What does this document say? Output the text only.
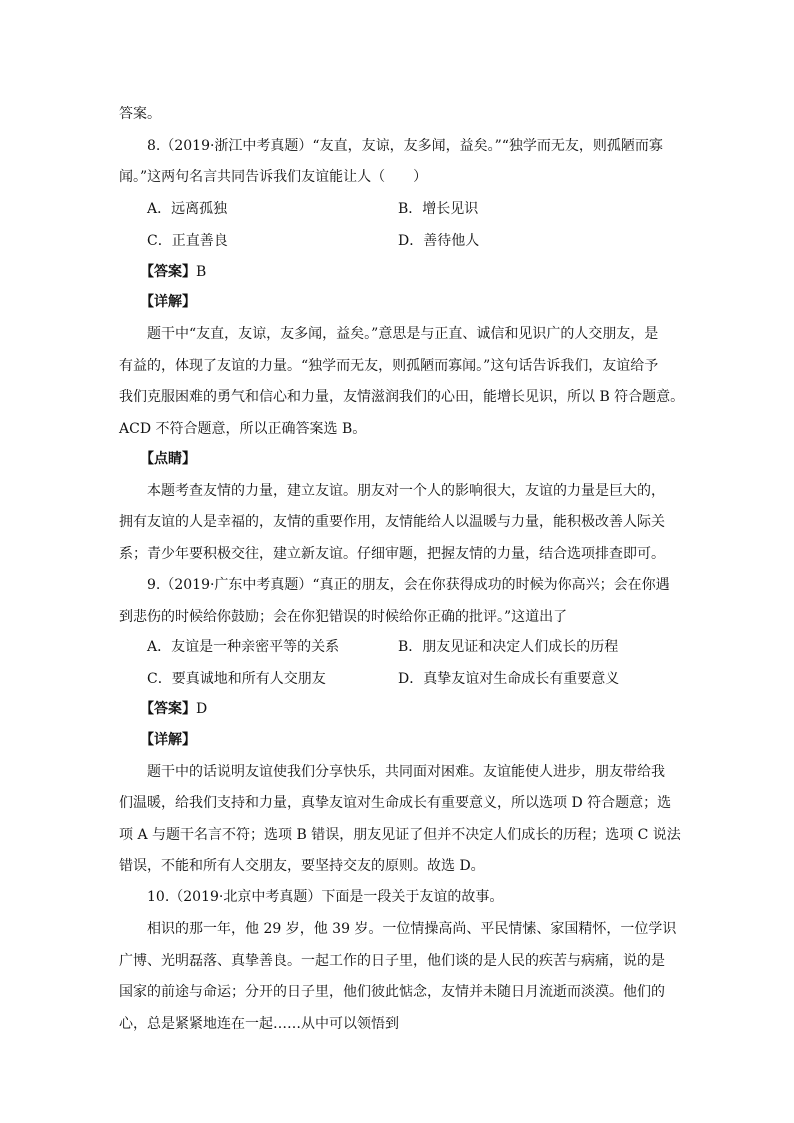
答案。
8.（2019·浙江中考真题）“友直，友谅，友多闻，益矣。”“独学而无友，则孤陋而寡
闻。”这两句名言共同告诉我们友谊能让人（　　）
A．远离孤独	B．增长见识
C．正直善良	D．善待他人
【答案】B
【详解】
题干中“友直，友谅，友多闻，益矣。”意思是与正直、诚信和见识广的人交朋友，是
有益的，体现了友谊的力量。“独学而无友，则孤陋而寡闻。”这句话告诉我们，友谊给予
我们克服困难的勇气和信心和力量，友情滋润我们的心田，能增长见识，所以 B 符合题意。
ACD 不符合题意，所以正确答案选 B。
【点睛】
本题考查友情的力量，建立友谊。朋友对一个人的影响很大，友谊的力量是巨大的，
拥有友谊的人是幸福的，友情的重要作用，友情能给人以温暖与力量，能积极改善人际关
系；青少年要积极交往，建立新友谊。仔细审题，把握友情的力量，结合选项排查即可。
9.（2019·广东中考真题）“真正的朋友，会在你获得成功的时候为你高兴；会在你遇
到悲伤的时候给你鼓励；会在你犯错误的时候给你正确的批评。”这道出了
A．友谊是一种亲密平等的关系	B．朋友见证和决定人们成长的历程
C．要真诚地和所有人交朋友	D．真挚友谊对生命成长有重要意义
【答案】D
【详解】
题干中的话说明友谊使我们分享快乐，共同面对困难。友谊能使人进步，朋友带给我
们温暖，给我们支持和力量，真挚友谊对生命成长有重要意义，所以选项 D 符合题意；选
项 A 与题干名言不符；选项 B 错误，朋友见证了但并不决定人们成长的历程；选项 C 说法
错误，不能和所有人交朋友，要坚持交友的原则。故选 D。
10.（2019·北京中考真题）下面是一段关于友谊的故事。
相识的那一年，他 29 岁，他 39 岁。一位情操高尚、平民情愫、家国精怀，一位学识
广博、光明磊落、真挚善良。一起工作的日子里，他们谈的是人民的疾苦与病痛，说的是
国家的前途与命运；分开的日子里，他们彼此惦念，友情并未随日月流逝而淡漠。他们的
心，总是紧紧地连在一起……从中可以领悟到
